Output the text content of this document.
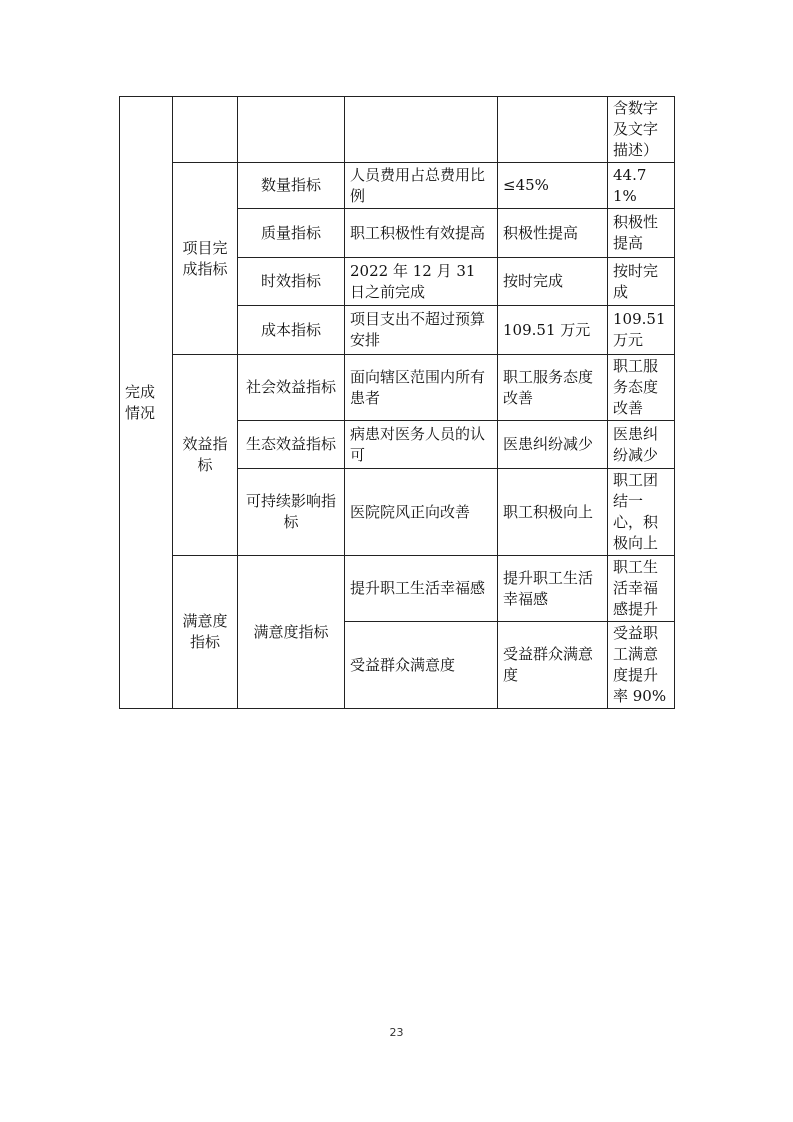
完成情况					含数字及文字描述）
	项目完成指标	数量指标	人员费用占总费用比例	≤45%	44.71%
		质量指标	职工积极性有效提高	积极性提高	积极性提高
		时效指标	2022 年 12 月 31 日之前完成	按时完成	按时完成
		成本指标	项目支出不超过预算安排	109.51 万元	109.51 万元
	效益指标	社会效益指标	面向辖区范围内所有患者	职工服务态度改善	职工服务态度改善
		生态效益指标	病患对医务人员的认可	医患纠纷减少	医患纠纷减少
		可持续影响指标	医院院风正向改善	职工积极向上	职工团结一心，积极向上
	满意度指标	满意度指标	提升职工生活幸福感	提升职工生活幸福感	职工生活幸福感提升
			受益群众满意度	受益群众满意度	受益职工满意度提升率 90%
23
